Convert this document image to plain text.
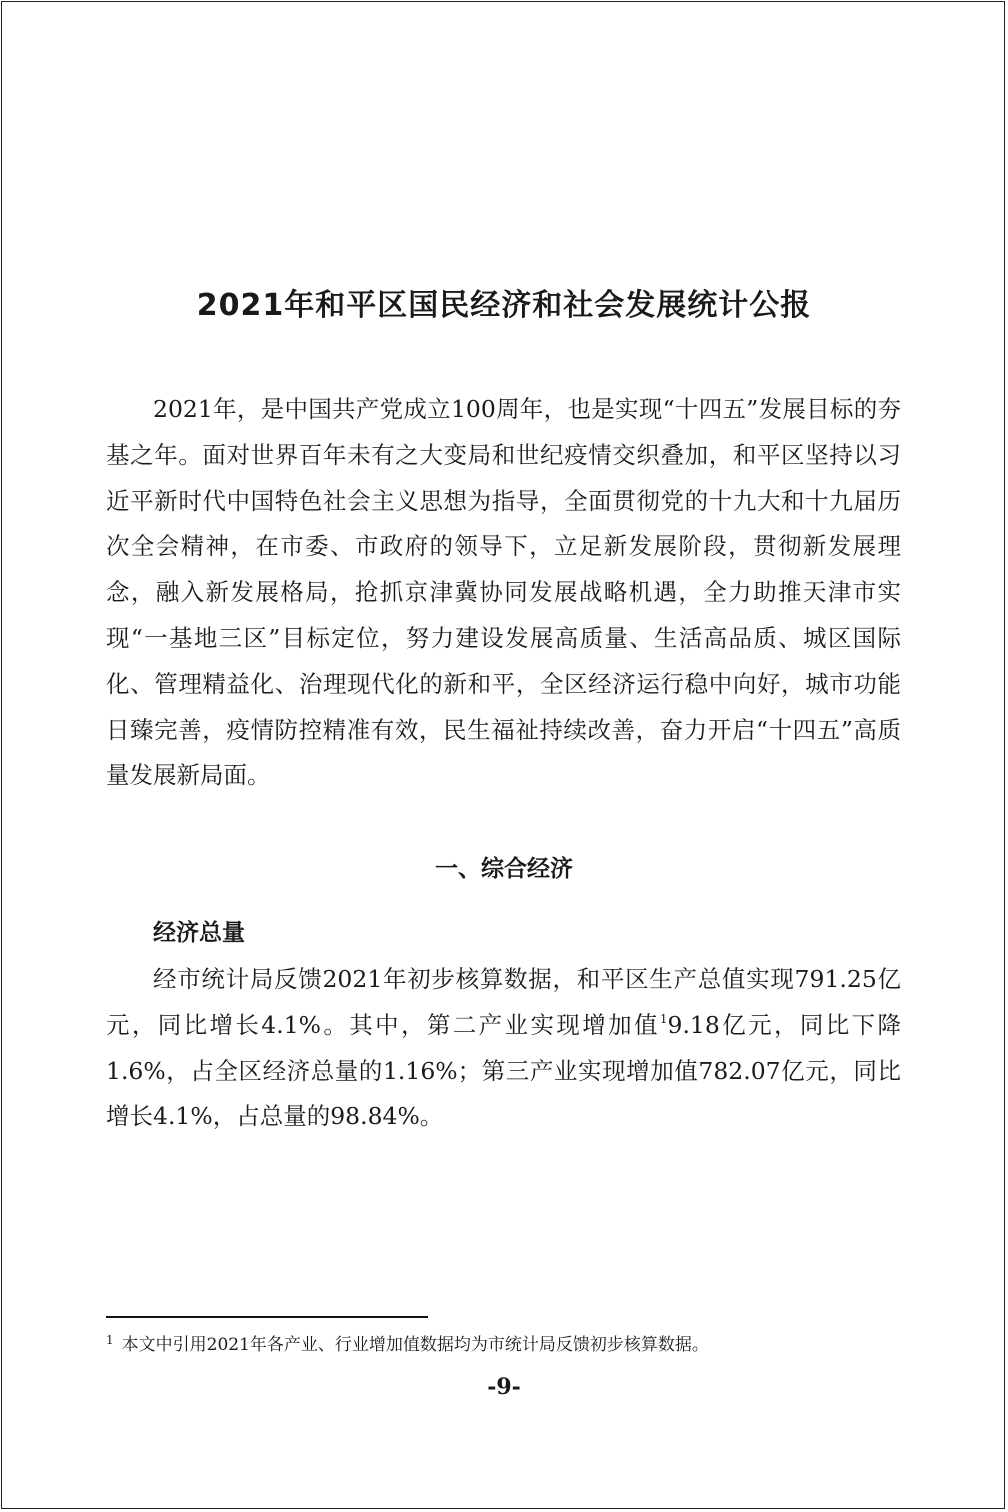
2021年和平区国民经济和社会发展统计公报

2021年，是中国共产党成立100周年，也是实现“十四五”发展目标的夯基之年。面对世界百年未有之大变局和世纪疫情交织叠加，和平区坚持以习近平新时代中国特色社会主义思想为指导，全面贯彻党的十九大和十九届历次全会精神，在市委、市政府的领导下，立足新发展阶段，贯彻新发展理念，融入新发展格局，抢抓京津冀协同发展战略机遇，全力助推天津市实现“一基地三区”目标定位，努力建设发展高质量、生活高品质、城区国际化、管理精益化、治理现代化的新和平，全区经济运行稳中向好，城市功能日臻完善，疫情防控精准有效，民生福祉持续改善，奋力开启“十四五”高质量发展新局面。

一、综合经济
经济总量

经市统计局反馈2021年初步核算数据，和平区生产总值实现791.25亿元，同比增长4.1%。其中，第二产业实现增加值$^1$9.18亿元，同比下降1.6%，占全区经济总量的1.16%；第三产业实现增加值782.07亿元，同比增长4.1%，占总量的98.84%。

$^1$ 本文中引用2021年各产业、行业增加值数据均为市统计局反馈初步核算数据。

-9-
